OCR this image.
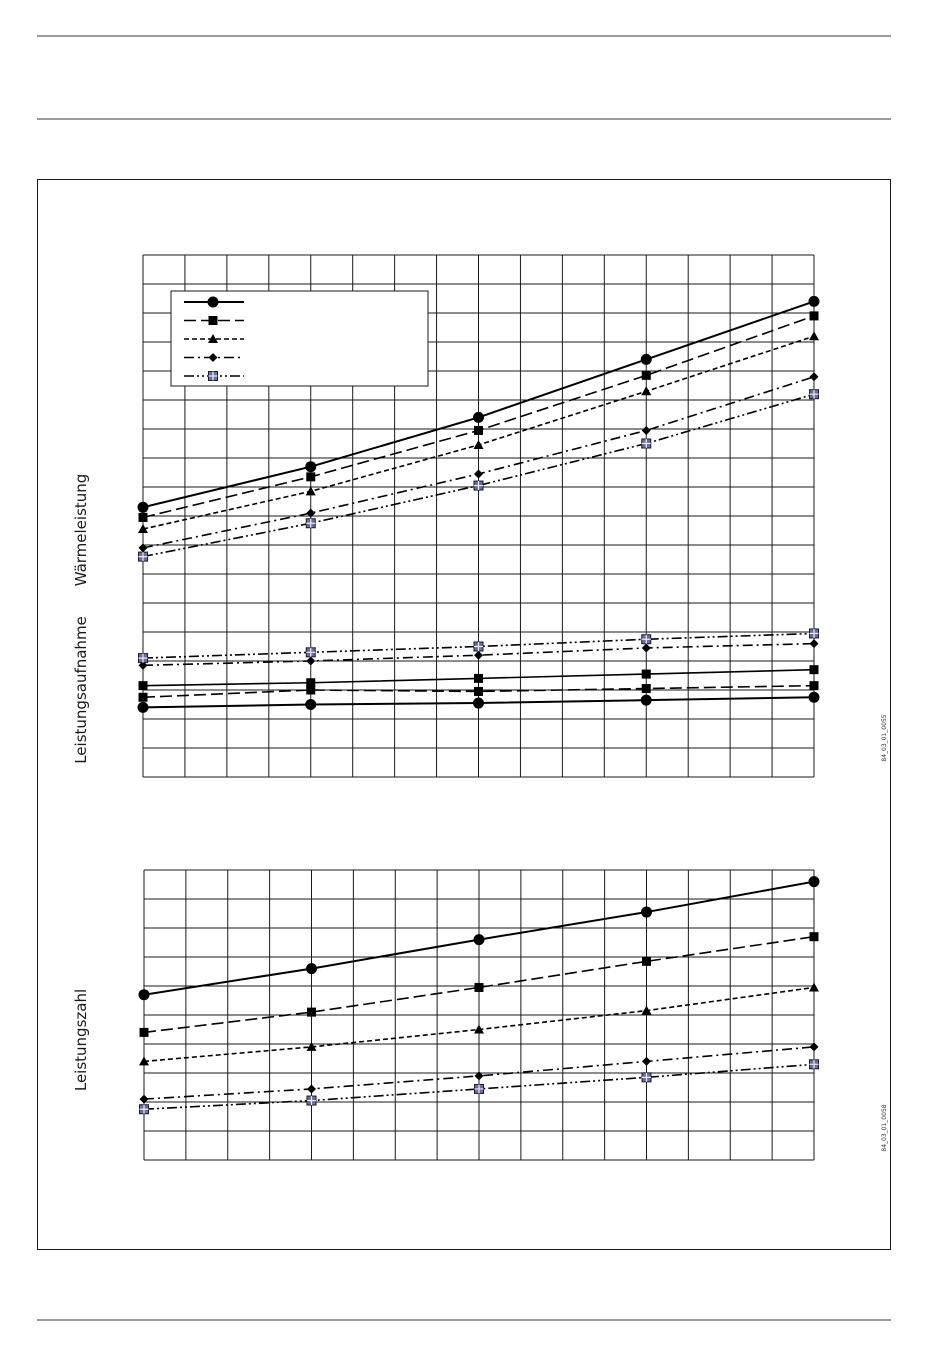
Wärmeleistung
Leistungsaufnahme
Leistungszahl
84_03_01_0055
84_03_01_0058
